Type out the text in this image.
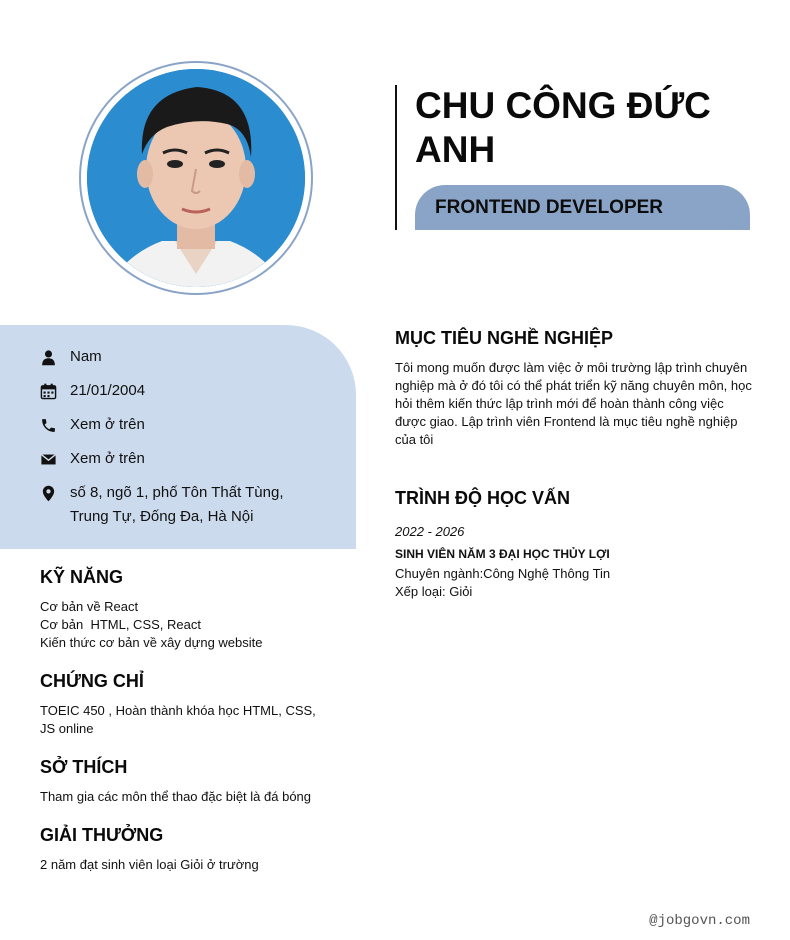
CHU CÔNG ĐỨC ANH
FRONTEND DEVELOPER
Nam
21/01/2004
Xem ở trên
Xem ở trên
số 8, ngõ 1, phố Tôn Thất Tùng, Trung Tự, Đống Đa, Hà Nội
KỸ NĂNG
Cơ bản về React
Cơ bản  HTML, CSS, React
Kiến thức cơ bản về xây dựng website
CHỨNG CHỈ
TOEIC 450 , Hoàn thành khóa học HTML, CSS, JS online
SỞ THÍCH
Tham gia các môn thể thao đặc biệt là đá bóng
GIẢI THƯỞNG
2 năm đạt sinh viên loại Giỏi ở trường
MỤC TIÊU NGHỀ NGHIỆP
Tôi mong muốn được làm việc ở môi trường lập trình chuyên nghiệp mà ở đó tôi có thể phát triển kỹ năng chuyên môn, học hỏi thêm kiến thức lập trình mới để hoàn thành công việc được giao. Lập trình viên Frontend là mục tiêu nghề nghiệp của tôi
TRÌNH ĐỘ HỌC VẤN
2022 - 2026
SINH VIÊN NĂM 3 ĐẠI HỌC THỦY LỢI
Chuyên ngành:Công Nghệ Thông Tin
Xếp loại: Giỏi
@jobgovn.com
